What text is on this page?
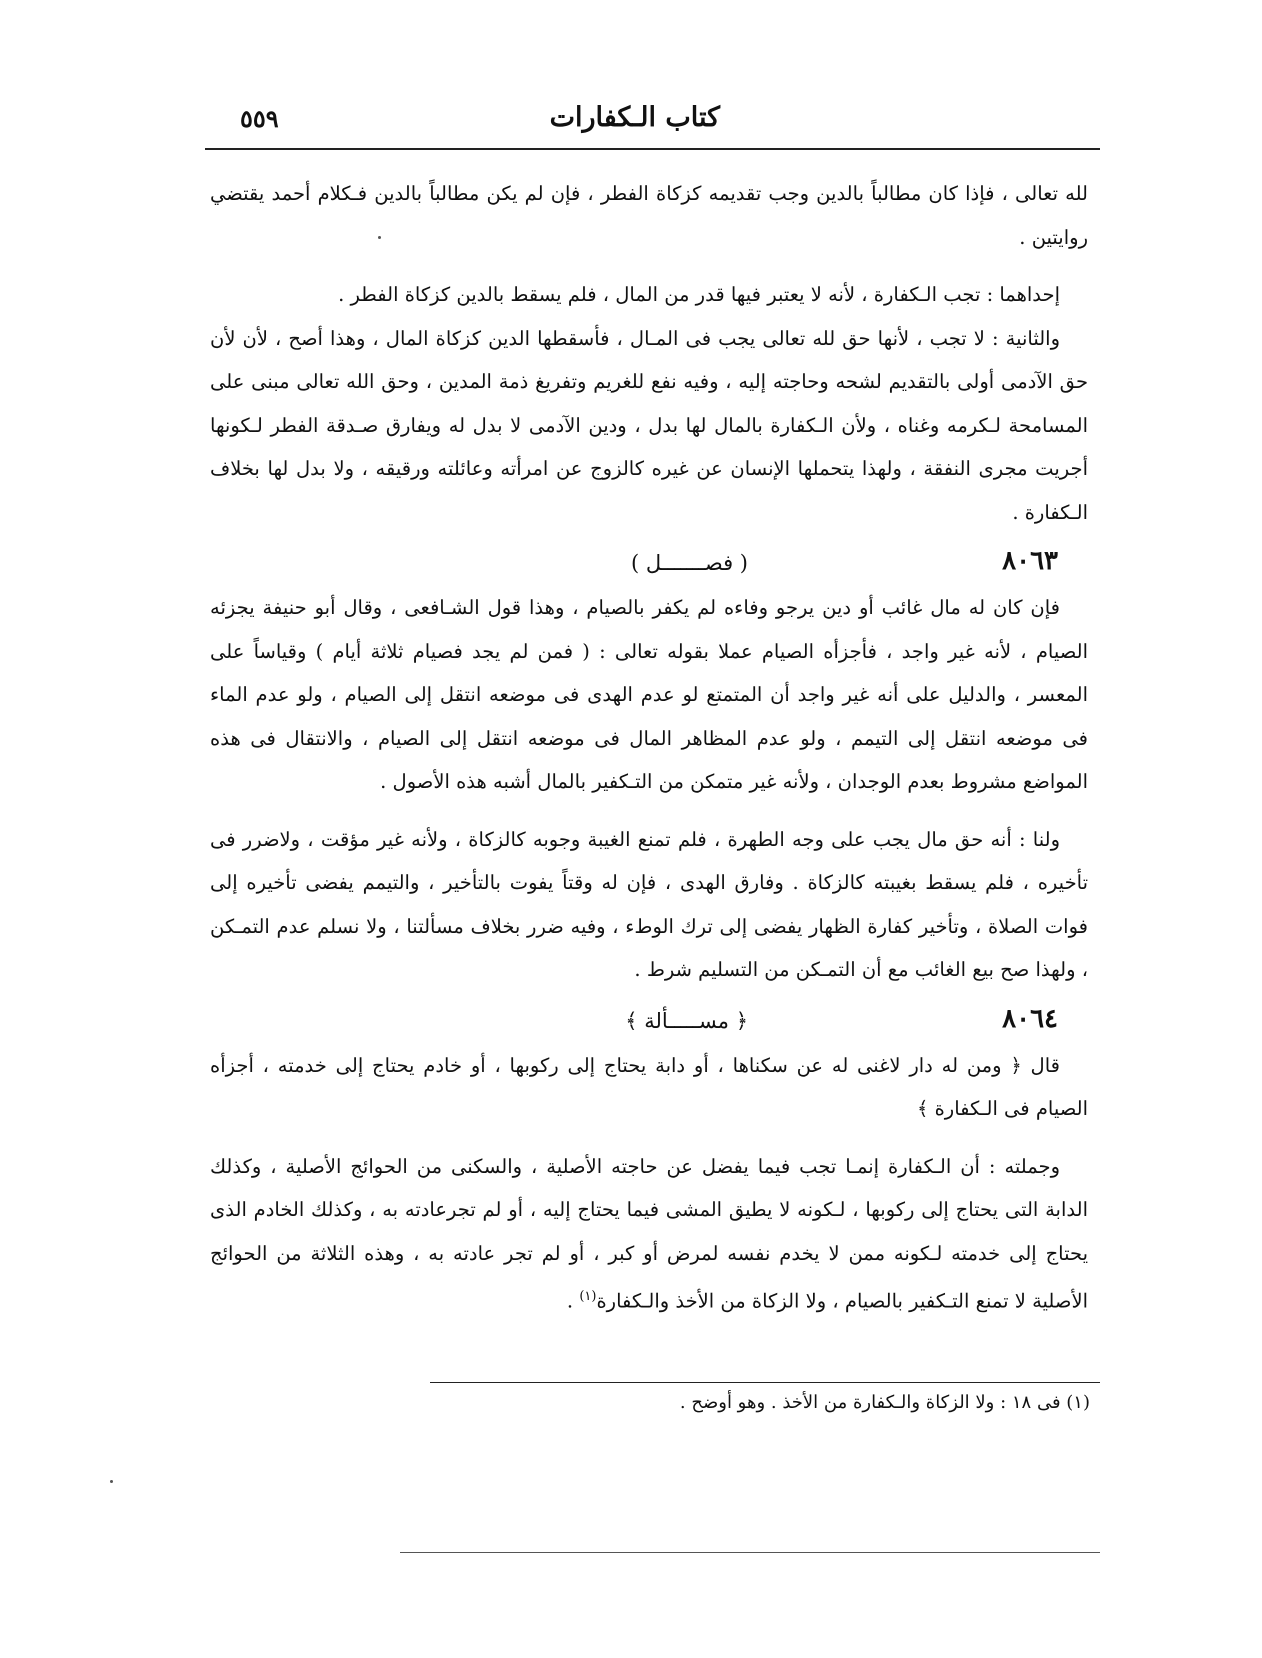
كتاب الـكفارات
٥٥٩

لله تعالى ، فإذا كان مطالباً بالدين وجب تقديمه كزكاة الفطر ، فإن لم يكن مطالباً بالدين فـكلام أحمد يقتضي روايتين .

إحداهما : تجب الـكفارة ، لأنه لا يعتبر فيها قدر من المال ، فلم يسقط بالدين كزكاة الفطر .

والثانية : لا تجب ، لأنها حق لله تعالى يجب فى المـال ، فأسقطها الدين كزكاة المال ، وهذا أصح ، لأن لأن حق الآدمى أولى بالتقديم لشحه وحاجته إليه ، وفيه نفع للغريم وتفريغ ذمة المدين ، وحق الله تعالى مبنى على المسامحة لـكرمه وغناه ، ولأن الـكفارة بالمال لها بدل ، ودين الآدمى لا بدل له ويفارق صـدقة الفطر لـكونها أجريت مجرى النفقة ، ولهذا يتحملها الإنسان عن غيره كالزوج عن امرأته وعائلته ورقيقه ، ولا بدل لها بخلاف الـكفارة .

٨٠٦٣
( فصـــــــل )

فإن كان له مال غائب أو دين يرجو وفاءه لم يكفر بالصيام ، وهذا قول الشـافعى ، وقال أبو حنيفة يجزئه الصيام ، لأنه غير واجد ، فأجزأه الصيام عملا بقوله تعالى : ( فمن لم يجد فصيام ثلاثة أيام ) وقياساً على المعسر ، والدليل على أنه غير واجد أن المتمتع لو عدم الهدى فى موضعه انتقل إلى الصيام ، ولو عدم الماء فى موضعه انتقل إلى التيمم ، ولو عدم المظاهر المال فى موضعه انتقل إلى الصيام ، والانتقال فى هذه المواضع مشروط بعدم الوجدان ، ولأنه غير متمكن من التـكفير بالمال أشبه هذه الأصول .

ولنا : أنه حق مال يجب على وجه الطهرة ، فلم تمنع الغيبة وجوبه كالزكاة ، ولأنه غير مؤقت ، ولاضرر فى تأخيره ، فلم يسقط بغيبته كالزكاة . وفارق الهدى ، فإن له وقتاً يفوت بالتأخير ، والتيمم يفضى تأخيره إلى فوات الصلاة ، وتأخير كفارة الظهار يفضى إلى ترك الوطء ، وفيه ضرر بخلاف مسألتنا ، ولا نسلم عدم التمـكن ، ولهذا صح بيع الغائب مع أن التمـكن من التسليم شرط .

٨٠٦٤
﴿ مســـــألة ﴾

قال ﴿ ومن له دار لاغنى له عن سكناها ، أو دابة يحتاج إلى ركوبها ، أو خادم يحتاج إلى خدمته ، أجزأه الصيام فى الـكفارة ﴾

وجملته : أن الـكفارة إنمـا تجب فيما يفضل عن حاجته الأصلية ، والسكنى من الحوائج الأصلية ، وكذلك الدابة التى يحتاج إلى ركوبها ، لـكونه لا يطيق المشى فيما يحتاج إليه ، أو لم تجرعادته به ، وكذلك الخادم الذى يحتاج إلى خدمته لـكونه ممن لا يخدم نفسه لمرض أو كبر ، أو لم تجر عادته به ، وهذه الثلاثة من الحوائج الأصلية لا تمنع التـكفير بالصيام ، ولا الزكاة من الأخذ والـكفارة$^{(١)}$ .

(١) فى ١٨ : ولا الزكاة والـكفارة من الأخذ . وهو أوضح .
